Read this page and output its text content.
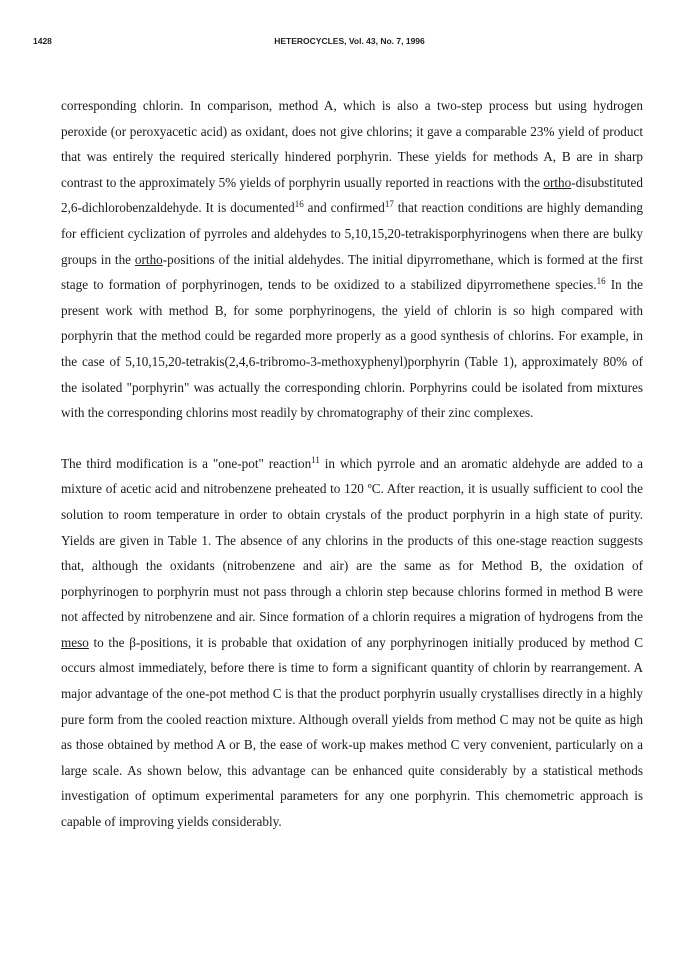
1428	HETEROCYCLES, Vol. 43, No. 7, 1996

corresponding chlorin. In comparison, method A, which is also a two-step process but using hydrogen peroxide (or peroxyacetic acid) as oxidant, does not give chlorins; it gave a comparable 23% yield of product that was entirely the required sterically hindered porphyrin. These yields for methods A, B are in sharp contrast to the approximately 5% yields of porphyrin usually reported in reactions with the ortho-disubstituted 2,6-dichlorobenzaldehyde. It is documented$^{16}$ and confirmed$^{17}$ that reaction conditions are highly demanding for efficient cyclization of pyrroles and aldehydes to 5,10,15,20-tetrakisporphyrinogens when there are bulky groups in the ortho-positions of the initial aldehydes. The initial dipyrromethane, which is formed at the first stage to formation of porphyrinogen, tends to be oxidized to a stabilized dipyrromethene species.$^{16}$ In the present work with method B, for some porphyrinogens, the yield of chlorin is so high compared with porphyrin that the method could be regarded more properly as a good synthesis of chlorins. For example, in the case of 5,10,15,20-tetrakis(2,4,6-tribromo-3-methoxyphenyl)porphyrin (Table 1), approximately 80% of the isolated "porphyrin" was actually the corresponding chlorin. Porphyrins could be isolated from mixtures with the corresponding chlorins most readily by chromatography of their zinc complexes.

The third modification is a "one-pot" reaction$^{11}$ in which pyrrole and an aromatic aldehyde are added to a mixture of acetic acid and nitrobenzene preheated to 120 ºC. After reaction, it is usually sufficient to cool the solution to room temperature in order to obtain crystals of the product porphyrin in a high state of purity. Yields are given in Table 1. The absence of any chlorins in the products of this one-stage reaction suggests that, although the oxidants (nitrobenzene and air) are the same as for Method B, the oxidation of porphyrinogen to porphyrin must not pass through a chlorin step because chlorins formed in method B were not affected by nitrobenzene and air. Since formation of a chlorin requires a migration of hydrogens from the meso to the β-positions, it is probable that oxidation of any porphyrinogen initially produced by method C occurs almost immediately, before there is time to form a significant quantity of chlorin by rearrangement. A major advantage of the one-pot method C is that the product porphyrin usually crystallises directly in a highly pure form from the cooled reaction mixture. Although overall yields from method C may not be quite as high as those obtained by method A or B, the ease of work-up makes method C very convenient, particularly on a large scale. As shown below, this advantage can be enhanced quite considerably by a statistical methods investigation of optimum experimental parameters for any one porphyrin. This chemometric approach is capable of improving yields considerably.
